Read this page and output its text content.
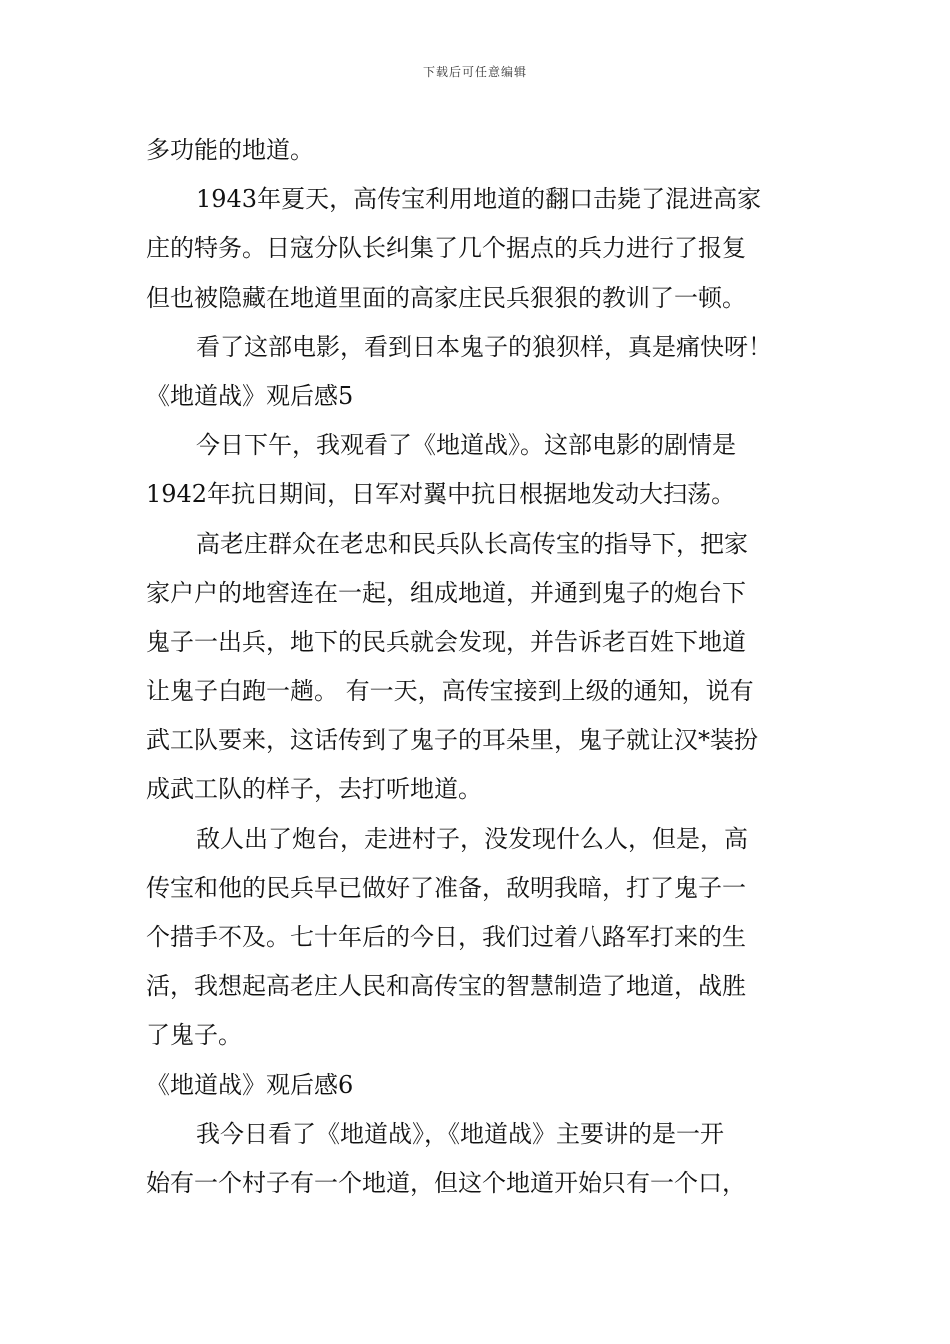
下载后可任意编辑
多功能的地道。
1943年夏天，高传宝利用地道的翻口击毙了混进高家
庄的特务。日寇分队长纠集了几个据点的兵力进行了报复
但也被隐藏在地道里面的高家庄民兵狠狠的教训了一顿。
看了这部电影，看到日本鬼子的狼狈样，真是痛快呀！
《地道战》观后感5
今日下午，我观看了《地道战》。这部电影的剧情是
1942年抗日期间，日军对翼中抗日根据地发动大扫荡。
高老庄群众在老忠和民兵队长高传宝的指导下，把家
家户户的地窖连在一起，组成地道，并通到鬼子的炮台下
鬼子一出兵，地下的民兵就会发现，并告诉老百姓下地道
让鬼子白跑一趟。 有一天，高传宝接到上级的通知，说有
武工队要来，这话传到了鬼子的耳朵里，鬼子就让汉*装扮
成武工队的样子，去打听地道。
敌人出了炮台，走进村子，没发现什么人，但是，高
传宝和他的民兵早已做好了准备，敌明我暗，打了鬼子一
个措手不及。七十年后的今日，我们过着八路军打来的生
活，我想起高老庄人民和高传宝的智慧制造了地道，战胜
了鬼子。
《地道战》观后感6
我今日看了《地道战》，《地道战》主要讲的是一开
始有一个村子有一个地道，但这个地道开始只有一个口，
